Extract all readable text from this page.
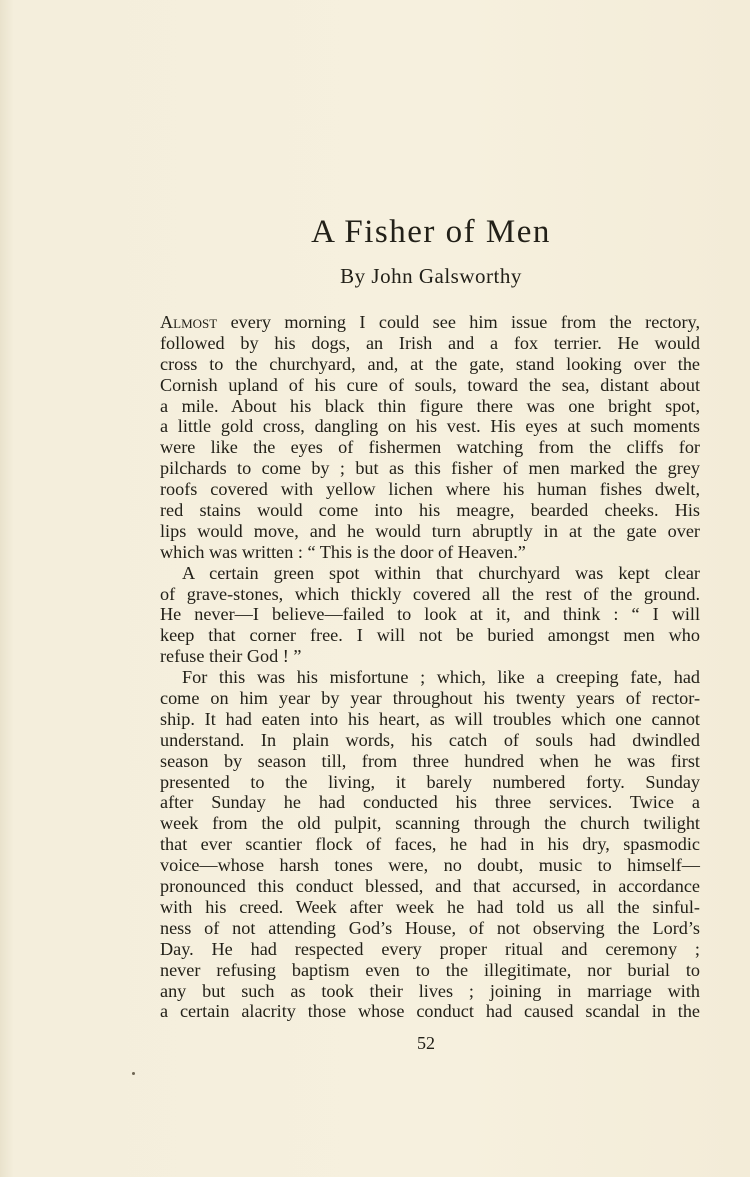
A Fisher of Men
By John Galsworthy
Almost every morning I could see him issue from the rectory,
followed by his dogs, an Irish and a fox terrier. He would
cross to the churchyard, and, at the gate, stand looking over the
Cornish upland of his cure of souls, toward the sea, distant about
a mile. About his black thin figure there was one bright spot,
a little gold cross, dangling on his vest. His eyes at such moments
were like the eyes of fishermen watching from the cliffs for
pilchards to come by ; but as this fisher of men marked the grey
roofs covered with yellow lichen where his human fishes dwelt,
red stains would come into his meagre, bearded cheeks. His
lips would move, and he would turn abruptly in at the gate over
which was written : “ This is the door of Heaven.”
A certain green spot within that churchyard was kept clear
of grave-stones, which thickly covered all the rest of the ground.
He never—I believe—failed to look at it, and think : “ I will
keep that corner free. I will not be buried amongst men who
refuse their God ! ”
For this was his misfortune ; which, like a creeping fate, had
come on him year by year throughout his twenty years of rector-
ship. It had eaten into his heart, as will troubles which one cannot
understand. In plain words, his catch of souls had dwindled
season by season till, from three hundred when he was first
presented to the living, it barely numbered forty. Sunday
after Sunday he had conducted his three services. Twice a
week from the old pulpit, scanning through the church twilight
that ever scantier flock of faces, he had in his dry, spasmodic
voice—whose harsh tones were, no doubt, music to himself—
pronounced this conduct blessed, and that accursed, in accordance
with his creed. Week after week he had told us all the sinful-
ness of not attending God’s House, of not observing the Lord’s
Day. He had respected every proper ritual and ceremony ;
never refusing baptism even to the illegitimate, nor burial to
any but such as took their lives ; joining in marriage with
a certain alacrity those whose conduct had caused scandal in the
52
